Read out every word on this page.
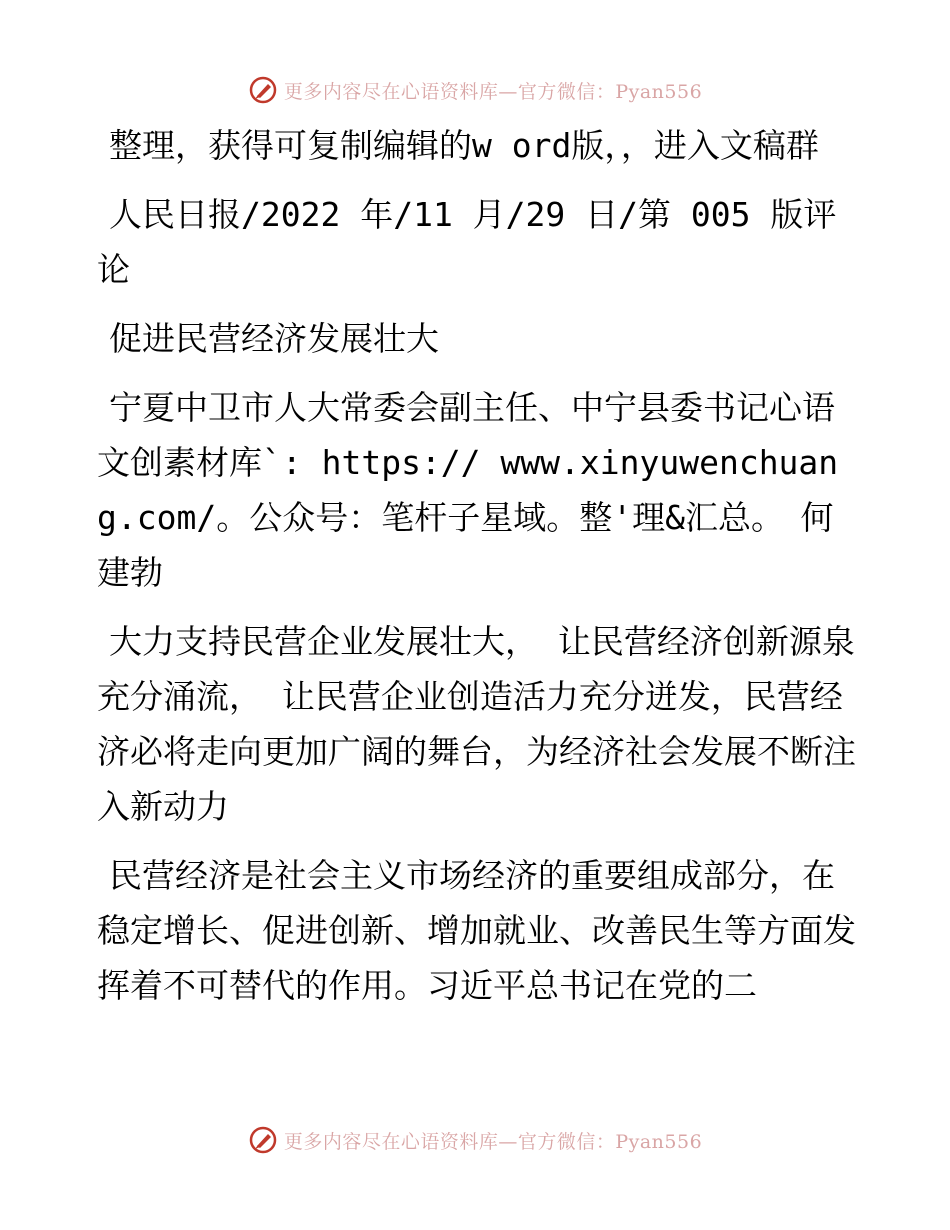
更多内容尽在心语资料库—官方微信：Pyan556

整理，获得可复制编辑的w ord版，，进入文稿群

人民日报/2022 年/11 月/29 日/第 005 版评论

促进民营经济发展壮大

宁夏中卫市人大常委会副主任、中宁县委书记心语文创素材库`: https:// www.xinyuwenchuang.com/。公众号：笔杆子星域。整'理&汇总。　何建勃

大力支持民营企业发展壮大， 让民营经济创新源泉充分涌流， 让民营企业创造活力充分迸发，民营经济必将走向更加广阔的舞台，为经济社会发展不断注入新动力

民营经济是社会主义市场经济的重要组成部分，在稳定增长、促进创新、增加就业、改善民生等方面发挥着不可替代的作用。习近平总书记在党的二

更多内容尽在心语资料库—官方微信：Pyan556
